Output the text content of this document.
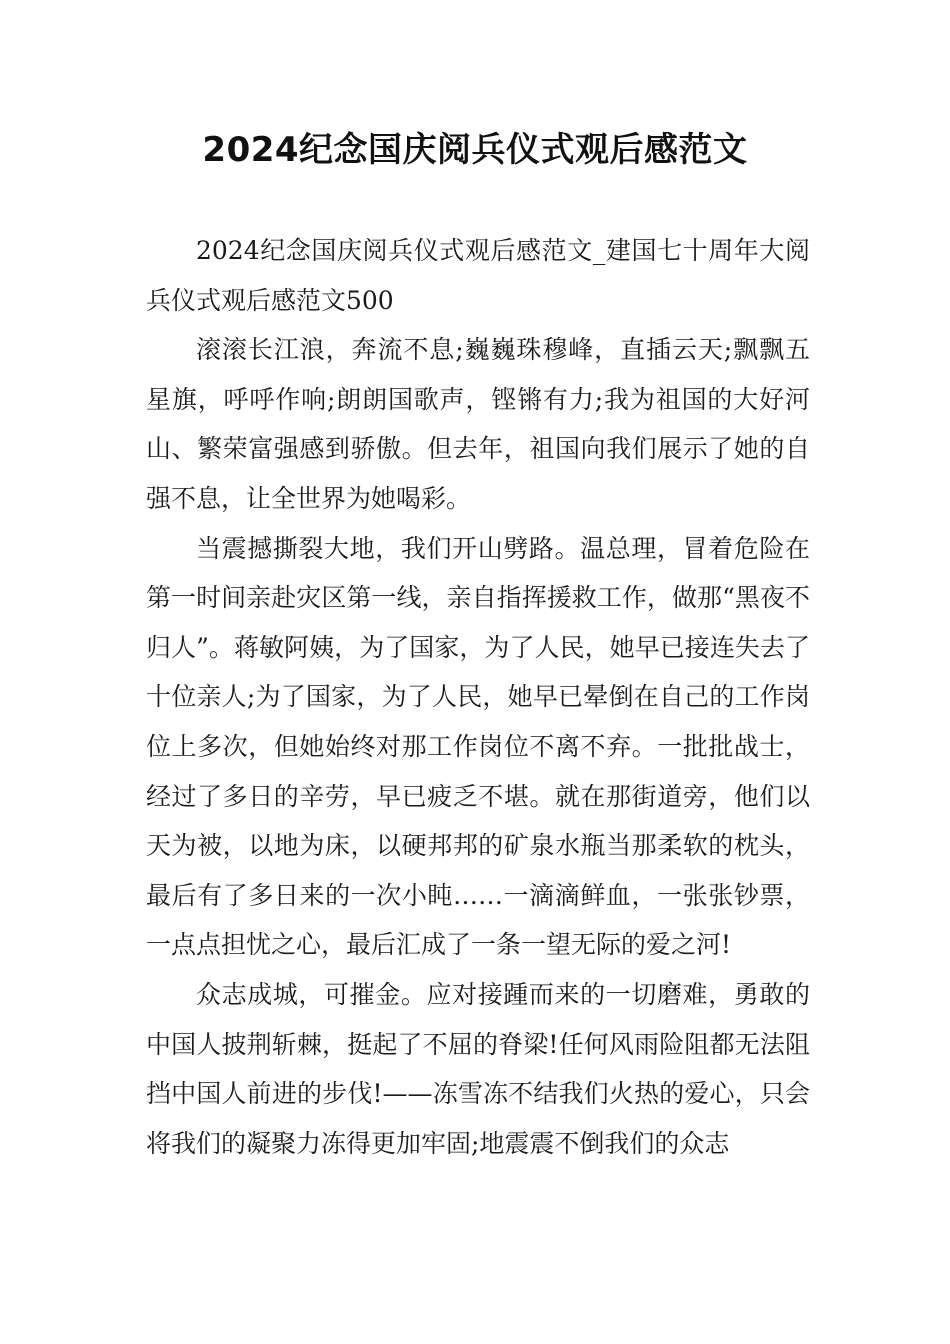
2024纪念国庆阅兵仪式观后感范文

2024纪念国庆阅兵仪式观后感范文_建国七十周年大阅兵仪式观后感范文500

滚滚长江浪，奔流不息;巍巍珠穆峰，直插云天;飘飘五星旗，呼呼作响;朗朗国歌声，铿锵有力;我为祖国的大好河山、繁荣富强感到骄傲。但去年，祖国向我们展示了她的自强不息，让全世界为她喝彩。

当震撼撕裂大地，我们开山劈路。温总理，冒着危险在第一时间亲赴灾区第一线，亲自指挥援救工作，做那“黑夜不归人”。蒋敏阿姨，为了国家，为了人民，她早已接连失去了十位亲人;为了国家，为了人民，她早已晕倒在自己的工作岗位上多次，但她始终对那工作岗位不离不弃。一批批战士，经过了多日的辛劳，早已疲乏不堪。就在那街道旁，他们以天为被，以地为床，以硬邦邦的矿泉水瓶当那柔软的枕头，最后有了多日来的一次小盹……一滴滴鲜血，一张张钞票，一点点担忧之心，最后汇成了一条一望无际的爱之河!

众志成城，可摧金。应对接踵而来的一切磨难，勇敢的中国人披荆斩棘，挺起了不屈的脊梁!任何风雨险阻都无法阻挡中国人前进的步伐!——冻雪冻不结我们火热的爱心，只会将我们的凝聚力冻得更加牢固;地震震不倒我们的众志
